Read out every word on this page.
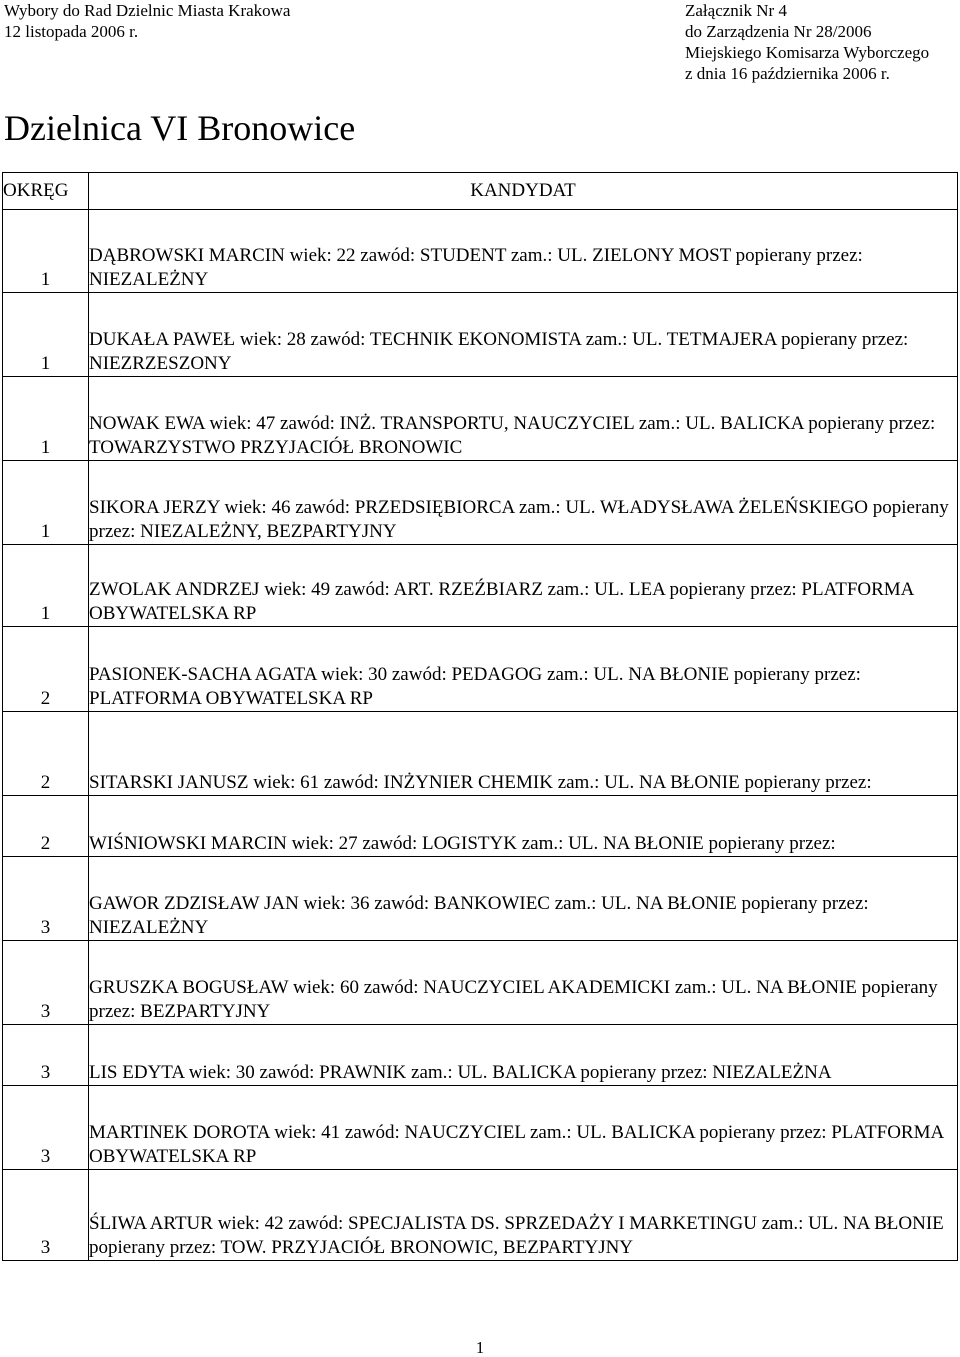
Wybory do Rad Dzielnic Miasta Krakowa
12 listopada 2006 r.
Załącznik Nr 4
do Zarządzenia Nr 28/2006
Miejskiego Komisarza Wyborczego
z dnia 16 października 2006 r.
Dzielnica VI Bronowice
OKRĘG	KANDYDAT
1	DĄBROWSKI MARCIN wiek: 22 zawód: STUDENT zam.: UL. ZIELONY MOST popierany przez: NIEZALEŻNY
1	DUKAŁA PAWEŁ wiek: 28 zawód: TECHNIK EKONOMISTA zam.: UL. TETMAJERA popierany przez: NIEZRZESZONY
1	NOWAK EWA wiek: 47 zawód: INŻ. TRANSPORTU, NAUCZYCIEL zam.: UL. BALICKA popierany przez: TOWARZYSTWO PRZYJACIÓŁ BRONOWIC
1	SIKORA JERZY wiek: 46 zawód: PRZEDSIĘBIORCA zam.: UL. WŁADYSŁAWA ŻELEŃSKIEGO popierany przez: NIEZALEŻNY, BEZPARTYJNY
1	ZWOLAK ANDRZEJ wiek: 49 zawód: ART. RZEŹBIARZ zam.: UL. LEA popierany przez: PLATFORMA OBYWATELSKA RP
2	PASIONEK-SACHA AGATA wiek: 30 zawód: PEDAGOG zam.: UL. NA BŁONIE popierany przez: PLATFORMA OBYWATELSKA RP
2	SITARSKI JANUSZ wiek: 61 zawód: INŻYNIER CHEMIK zam.: UL. NA BŁONIE popierany przez:
2	WIŚNIOWSKI MARCIN wiek: 27 zawód: LOGISTYK zam.: UL. NA BŁONIE popierany przez:
3	GAWOR ZDZISŁAW JAN wiek: 36 zawód: BANKOWIEC zam.: UL. NA BŁONIE popierany przez: NIEZALEŻNY
3	GRUSZKA BOGUSŁAW wiek: 60 zawód: NAUCZYCIEL AKADEMICKI zam.: UL. NA BŁONIE popierany przez: BEZPARTYJNY
3	LIS EDYTA wiek: 30 zawód: PRAWNIK zam.: UL. BALICKA popierany przez: NIEZALEŻNA
3	MARTINEK DOROTA wiek: 41 zawód: NAUCZYCIEL zam.: UL. BALICKA popierany przez: PLATFORMA OBYWATELSKA RP
3	ŚLIWA ARTUR wiek: 42 zawód: SPECJALISTA DS. SPRZEDAŻY I MARKETINGU zam.: UL. NA BŁONIE popierany przez: TOW. PRZYJACIÓŁ BRONOWIC, BEZPARTYJNY
1
